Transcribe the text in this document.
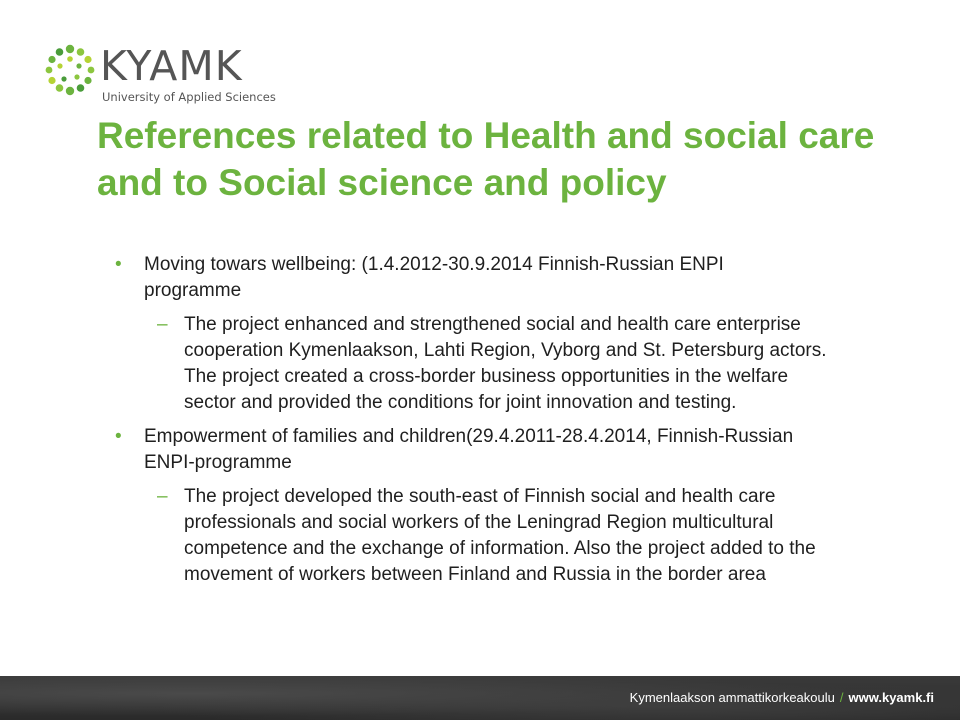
KYAMK
University of Applied Sciences
References related to Health and social care and to Social science and policy
• Moving towars wellbeing: (1.4.2012-30.9.2014 Finnish-Russian ENPI programme
– The project enhanced and strengthened social and health care enterprise cooperation Kymenlaakson, Lahti Region, Vyborg and St. Petersburg actors. The project created a cross-border business opportunities in the welfare sector and provided the conditions for joint innovation and testing.
• Empowerment of families and children(29.4.2011-28.4.2014, Finnish-Russian ENPI-programme
– The project developed the south-east of Finnish social and health care professionals and social workers of the Leningrad Region multicultural competence and the exchange of information. Also the project added to the movement of workers between Finland and Russia in the border area
Kymenlaakson ammattikorkeakoulu / www.kyamk.fi
